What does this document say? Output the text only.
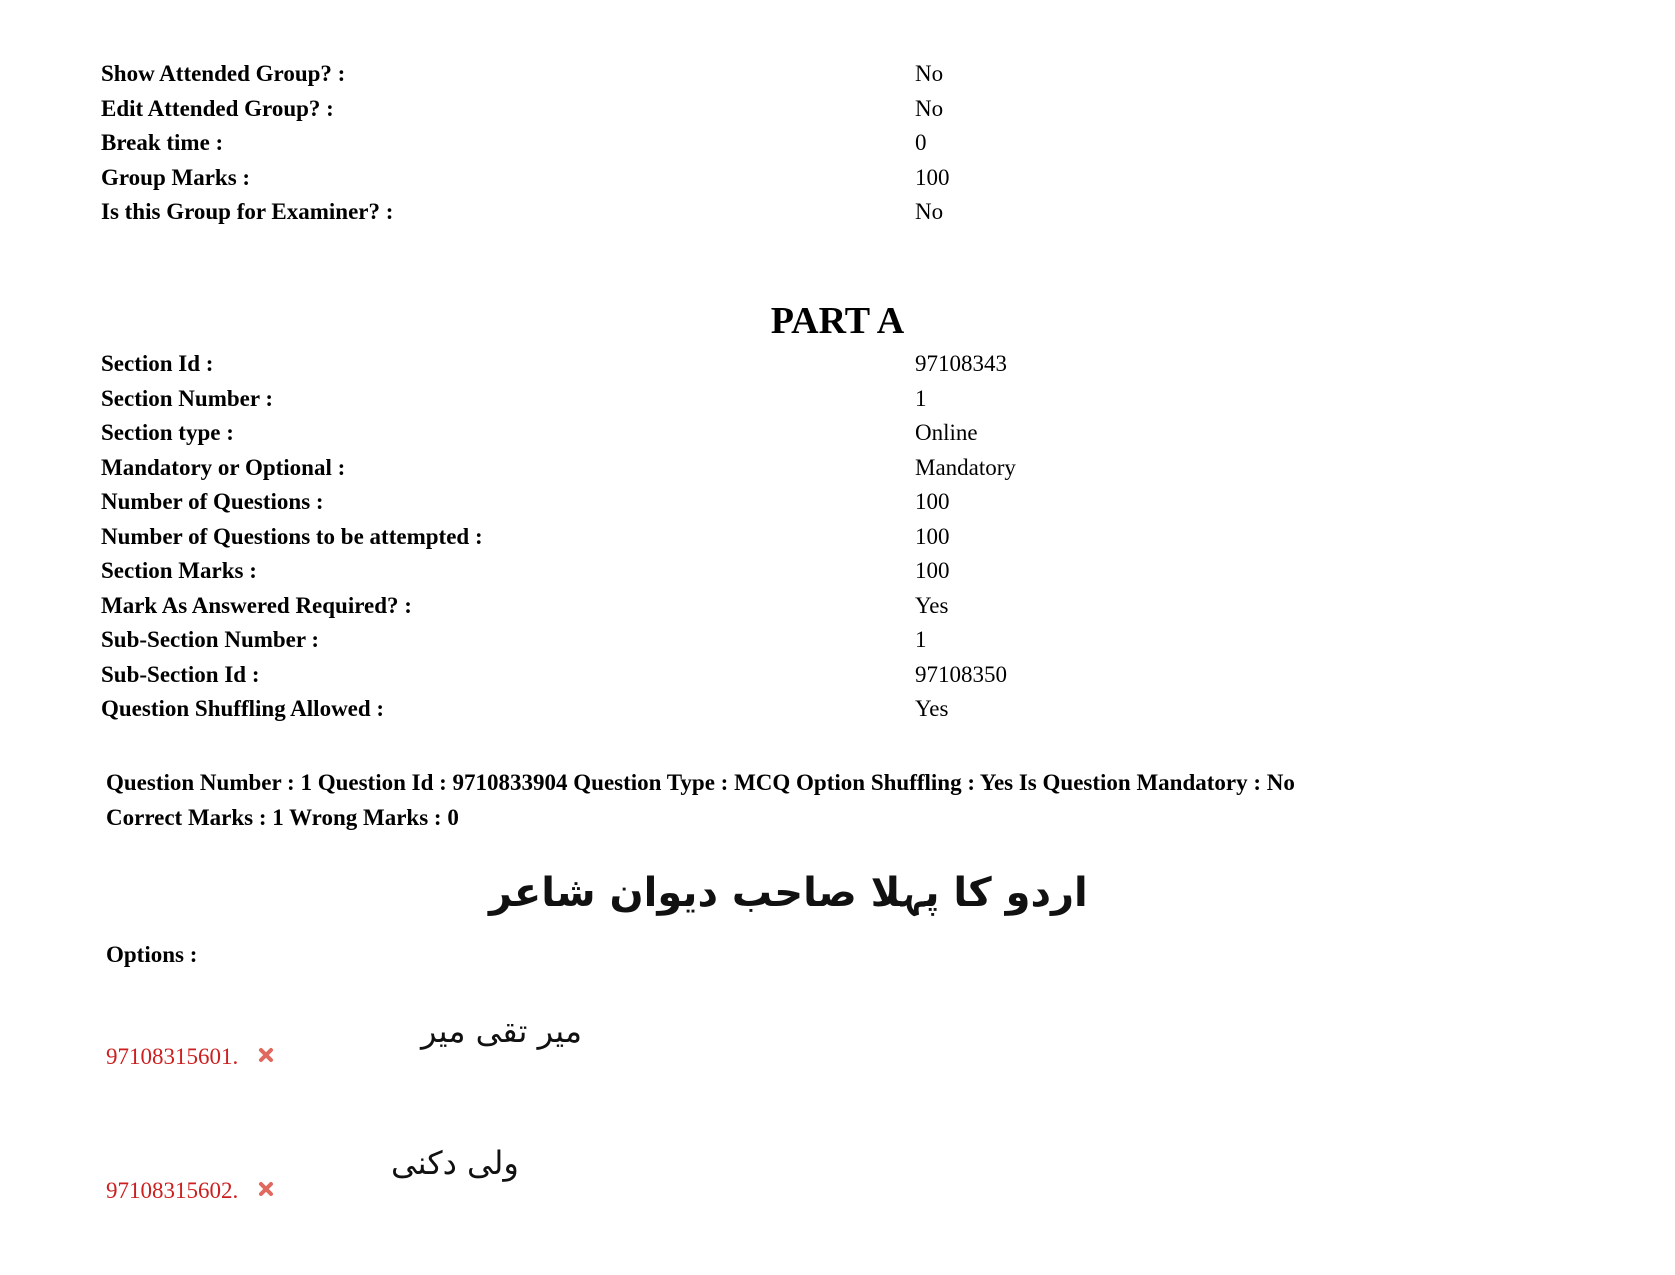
Show Attended Group? :	No
Edit Attended Group? :	No
Break time :	0
Group Marks :	100
Is this Group for Examiner? :	No
PART A
Section Id :	97108343
Section Number :	1
Section type :	Online
Mandatory or Optional :	Mandatory
Number of Questions :	100
Number of Questions to be attempted :	100
Section Marks :	100
Mark As Answered Required? :	Yes
Sub-Section Number :	1
Sub-Section Id :	97108350
Question Shuffling Allowed :	Yes
Question Number : 1 Question Id : 9710833904 Question Type : MCQ Option Shuffling : Yes Is Question Mandatory : No
Correct Marks : 1 Wrong Marks : 0
اردو کا پہلا صاحب دیوان شاعر
Options :
97108315601.
میر تقی میر
97108315602.
ولی دکنی
